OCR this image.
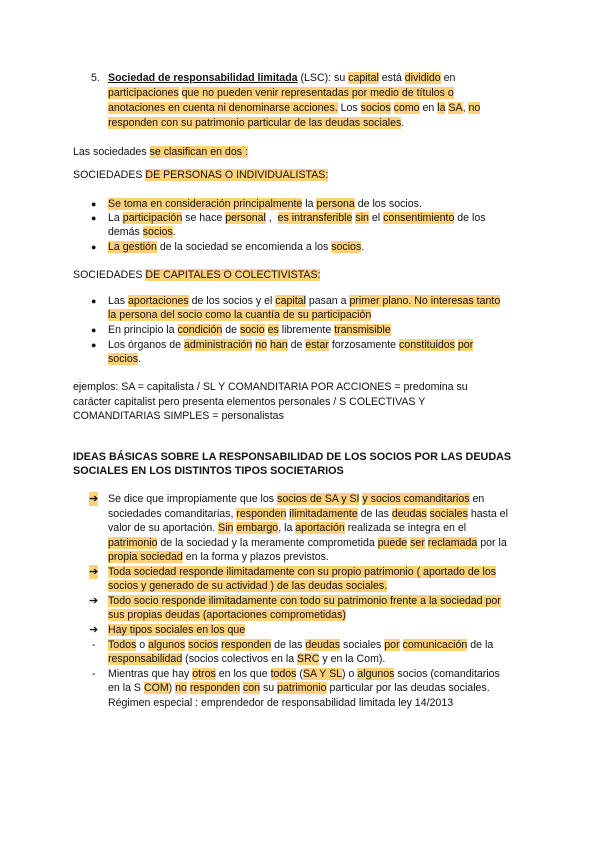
5. Sociedad de responsabilidad limitada (LSC): su capital está dividido en
participaciones que no pueden venir representadas por medio de títulos o
anotaciones en cuenta ni denominarse acciones. Los socios como en la SA, no
responden con su patrimonio particular de las deudas sociales.
Las sociedades se clasifican en dos :
SOCIEDADES DE PERSONAS O INDIVIDUALISTAS:
● Se toma en consideración principalmente la persona de los socios.
● La participación se hace personal ,  es intransferible sin el consentimiento de los
demás socios.
● La gestión de la sociedad se encomienda a los socios.
SOCIEDADES DE CAPITALES O COLECTIVISTAS:
● Las aportaciones de los socios y el capital pasan a primer plano. No interesas tanto
la persona del socio como la cuantía de su participación
● En principio la condición de socio es libremente transmisible
● Los órganos de administración no han de estar forzosamente constituidos por
socios.
ejemplos: SA = capitalista / SL Y COMANDITARIA POR ACCIONES = predomina su
carácter capitalist pero presenta elementos personales / S COLECTIVAS Y
COMANDITARIAS SIMPLES = personalistas
IDEAS BÁSICAS SOBRE LA RESPONSABILIDAD DE LOS SOCIOS POR LAS DEUDAS
SOCIALES EN LOS DISTINTOS TIPOS SOCIETARIOS
➔ Se dice que impropiamente que los socios de SA y SI y socios comanditarios en
sociedades comanditarias, responden ilimitadamente de las deudas sociales hasta el
valor de su aportación. Sin embargo, la aportación realizada se integra en el
patrimonio de la sociedad y la meramente comprometida puede ser reclamada por la
propia sociedad en la forma y plazos previstos.
➔ Toda sociedad responde ilimitadamente con su propio patrimonio ( aportado de los
socios y generado de su actividad ) de las deudas sociales.
➔ Todo socio responde ilimitadamente con todo su patrimonio frente a la sociedad por
sus propias deudas (aportaciones comprometidas)
➔ Hay tipos sociales en los que
- Todos o algunos socios responden de las deudas sociales por comunicación de la
responsabilidad (socios colectivos en la SRC y en la Com).
- Mientras que hay otros en los que todos (SA Y SL) o algunos socios (comanditarios
en la S COM) no responden con su patrimonio particular por las deudas sociales.
Régimen especial : emprendedor de responsabilidad limitada ley 14/2013
